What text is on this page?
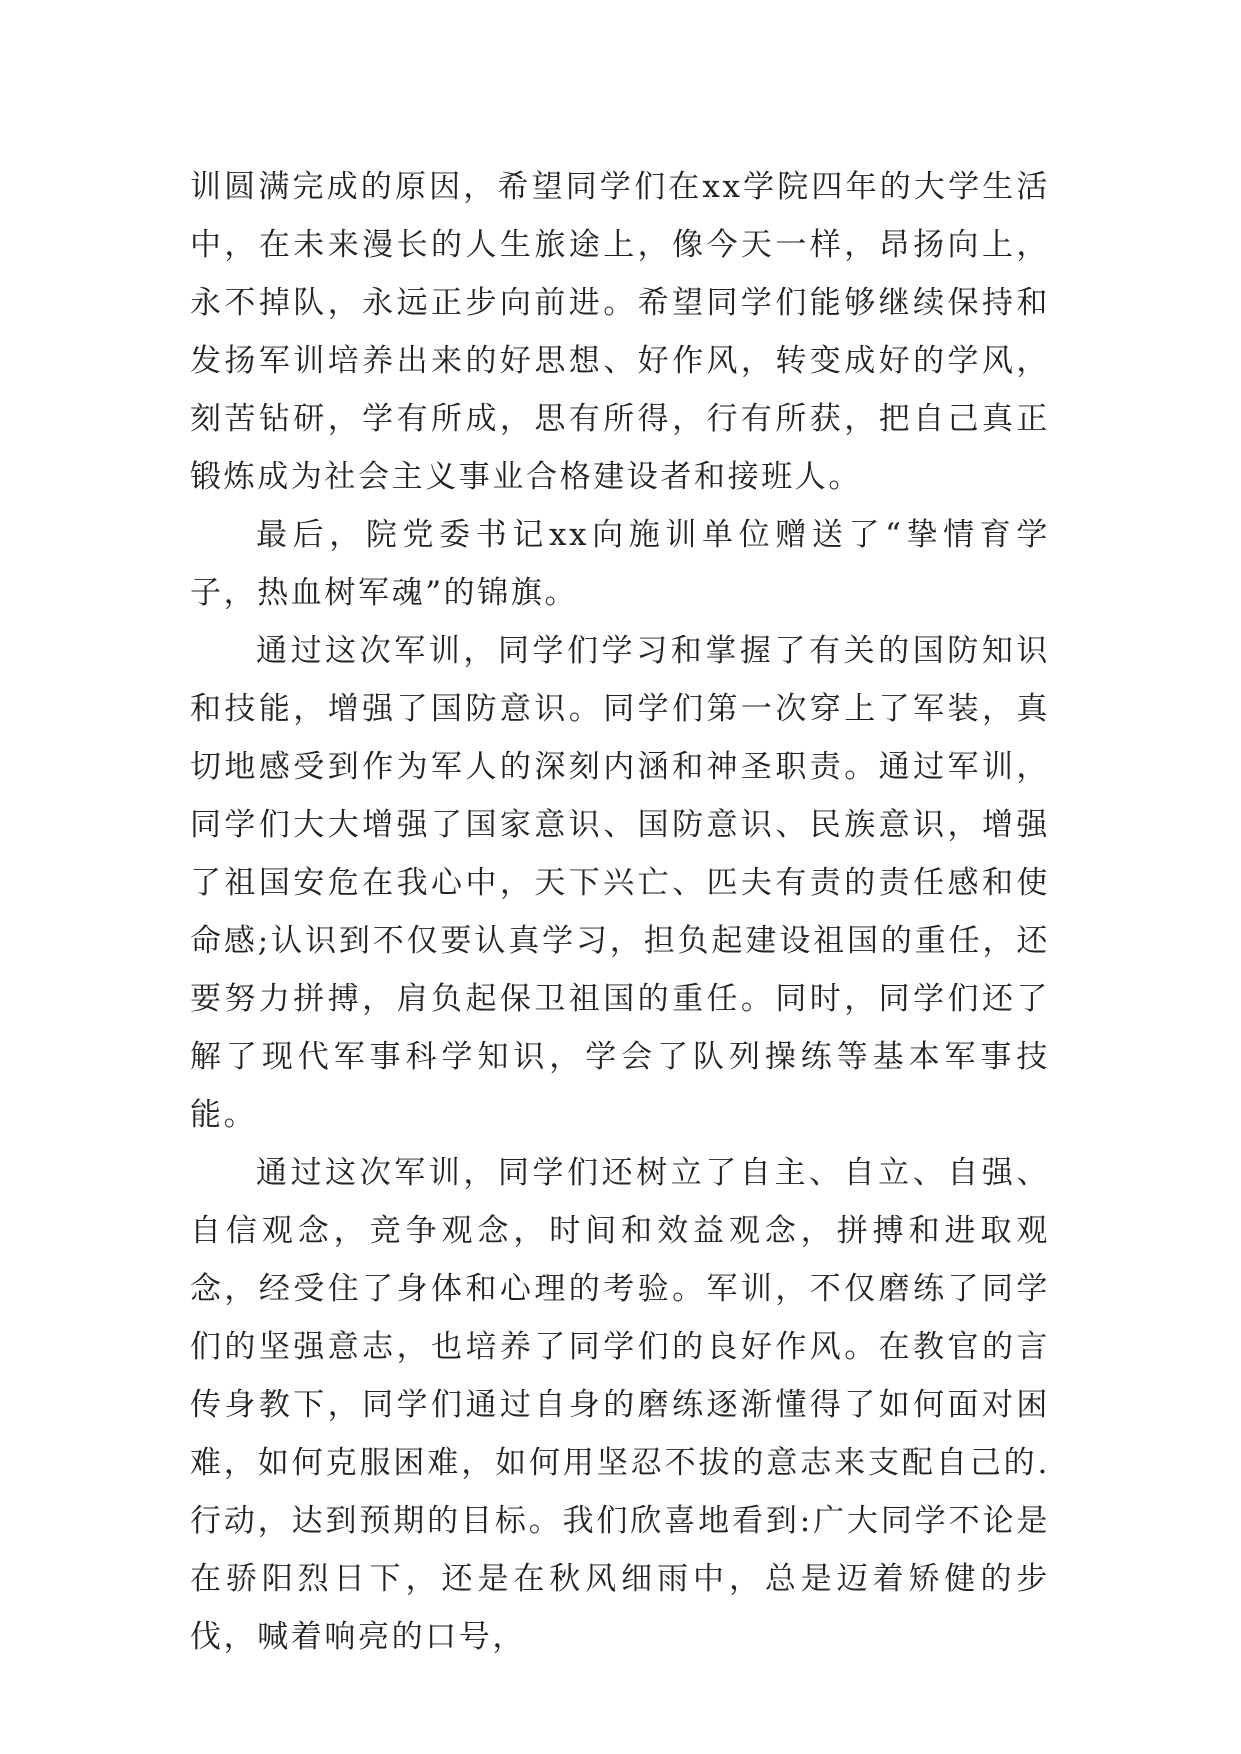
训圆满完成的原因，希望同学们在xx学院四年的大学生活中，在未来漫长的人生旅途上，像今天一样，昂扬向上，永不掉队，永远正步向前进。希望同学们能够继续保持和发扬军训培养出来的好思想、好作风，转变成好的学风，刻苦钻研，学有所成，思有所得，行有所获，把自己真正锻炼成为社会主义事业合格建设者和接班人。

最后，院党委书记xx向施训单位赠送了“挚情育学子，热血树军魂”的锦旗。

通过这次军训，同学们学习和掌握了有关的国防知识和技能，增强了国防意识。同学们第一次穿上了军装，真切地感受到作为军人的深刻内涵和神圣职责。通过军训，同学们大大增强了国家意识、国防意识、民族意识，增强了祖国安危在我心中，天下兴亡、匹夫有责的责任感和使命感;认识到不仅要认真学习，担负起建设祖国的重任，还要努力拼搏，肩负起保卫祖国的重任。同时，同学们还了解了现代军事科学知识，学会了队列操练等基本军事技能。

通过这次军训，同学们还树立了自主、自立、自强、自信观念，竞争观念，时间和效益观念，拼搏和进取观念，经受住了身体和心理的考验。军训，不仅磨练了同学们的坚强意志，也培养了同学们的良好作风。在教官的言传身教下，同学们通过自身的磨练逐渐懂得了如何面对困难，如何克服困难，如何用坚忍不拔的意志来支配自己的.行动，达到预期的目标。我们欣喜地看到:广大同学不论是在骄阳烈日下，还是在秋风细雨中，总是迈着矫健的步伐，喊着响亮的口号，
